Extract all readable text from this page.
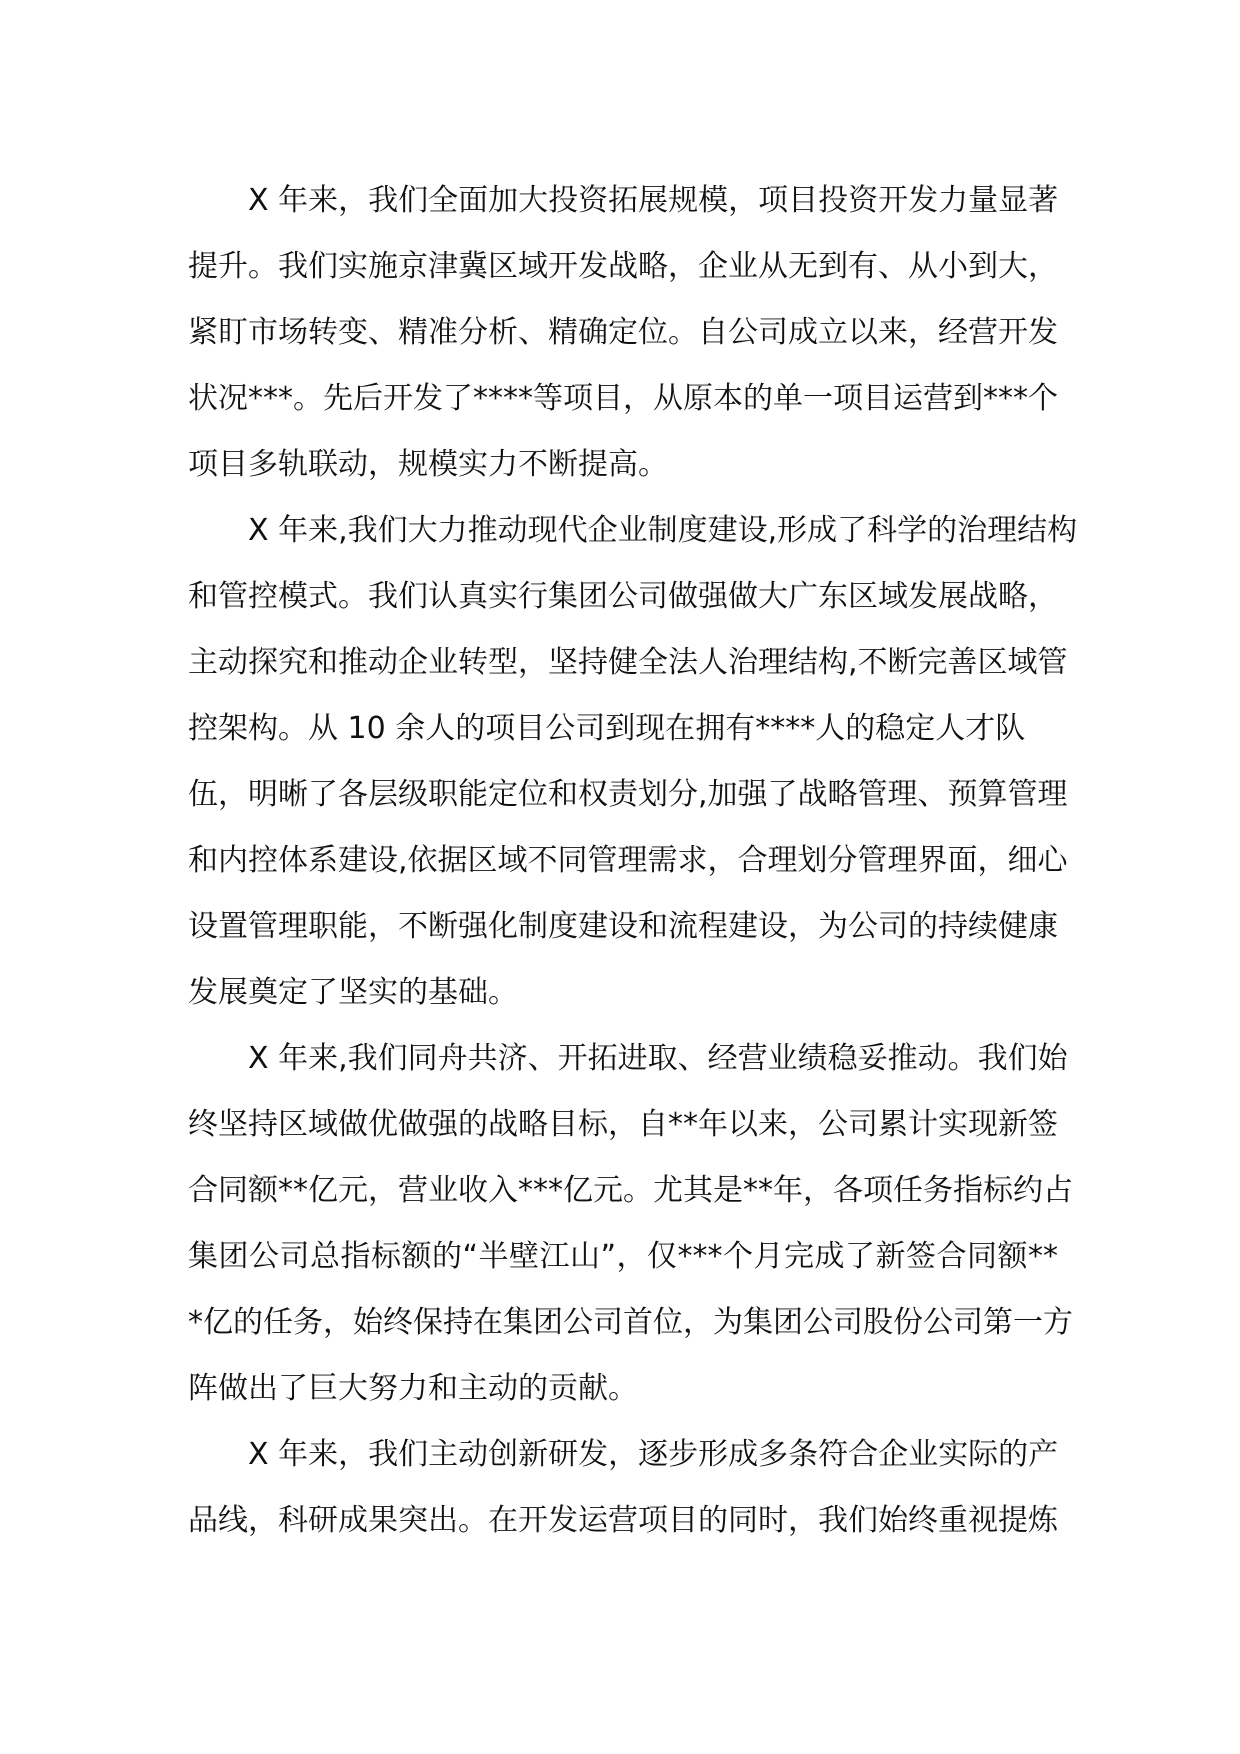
X 年来，我们全面加大投资拓展规模，项目投资开发力量显著
提升。我们实施京津冀区域开发战略，企业从无到有、从小到大，
紧盯市场转变、精准分析、精确定位。自公司成立以来，经营开发
状况***。先后开发了****等项目，从原本的单一项目运营到***个
项目多轨联动，规模实力不断提高。
X 年来,我们大力推动现代企业制度建设,形成了科学的治理结构
和管控模式。我们认真实行集团公司做强做大广东区域发展战略，
主动探究和推动企业转型，坚持健全法人治理结构,不断完善区域管
控架构。从 10 余人的项目公司到现在拥有****人的稳定人才队
伍，明晰了各层级职能定位和权责划分,加强了战略管理、预算管理
和内控体系建设,依据区域不同管理需求，合理划分管理界面，细心
设置管理职能，不断强化制度建设和流程建设，为公司的持续健康
发展奠定了坚实的基础。
X 年来,我们同舟共济、开拓进取、经营业绩稳妥推动。我们始
终坚持区域做优做强的战略目标，自**年以来，公司累计实现新签
合同额**亿元，营业收入***亿元。尤其是**年，各项任务指标约占
集团公司总指标额的“半壁江山”，仅***个月完成了新签合同额**
*亿的任务，始终保持在集团公司首位，为集团公司股份公司第一方
阵做出了巨大努力和主动的贡献。
X 年来，我们主动创新研发，逐步形成多条符合企业实际的产
品线，科研成果突出。在开发运营项目的同时，我们始终重视提炼
